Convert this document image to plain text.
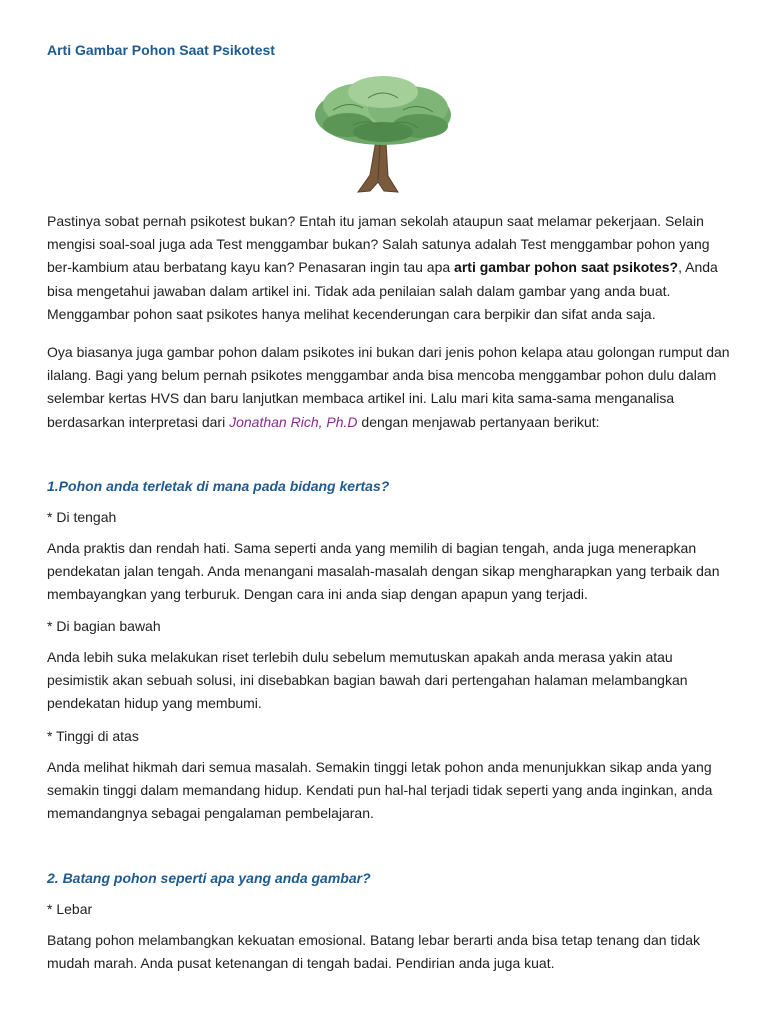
Arti Gambar Pohon Saat Psikotest
Pastinya sobat pernah psikotest bukan? Entah itu jaman sekolah ataupun saat melamar pekerjaan. Selain mengisi soal-soal juga ada Test menggambar bukan? Salah satunya adalah Test menggambar pohon yang ber-kambium atau berbatang kayu kan? Penasaran ingin tau apa arti gambar pohon saat psikotes?, Anda bisa mengetahui jawaban dalam artikel ini. Tidak ada penilaian salah dalam gambar yang anda buat. Menggambar pohon saat psikotes hanya melihat kecenderungan cara berpikir dan sifat anda saja.
Oya biasanya juga gambar pohon dalam psikotes ini bukan dari jenis pohon kelapa atau golongan rumput dan ilalang. Bagi yang belum pernah psikotes menggambar anda bisa mencoba menggambar pohon dulu dalam selembar kertas HVS dan baru lanjutkan membaca artikel ini. Lalu mari kita sama-sama menganalisa berdasarkan interpretasi dari Jonathan Rich, Ph.D dengan menjawab pertanyaan berikut:
1.Pohon anda terletak di mana pada bidang kertas?
* Di tengah
Anda praktis dan rendah hati. Sama seperti anda yang memilih di bagian tengah, anda juga menerapkan pendekatan jalan tengah. Anda menangani masalah-masalah dengan sikap mengharapkan yang terbaik dan membayangkan yang terburuk. Dengan cara ini anda siap dengan apapun yang terjadi.
* Di bagian bawah
Anda lebih suka melakukan riset terlebih dulu sebelum memutuskan apakah anda merasa yakin atau pesimistik akan sebuah solusi, ini disebabkan bagian bawah dari pertengahan halaman melambangkan pendekatan hidup yang membumi.
* Tinggi di atas
Anda melihat hikmah dari semua masalah. Semakin tinggi letak pohon anda menunjukkan sikap anda yang semakin tinggi dalam memandang hidup. Kendati pun hal-hal terjadi tidak seperti yang anda inginkan, anda memandangnya sebagai pengalaman pembelajaran.
2. Batang pohon seperti apa yang anda gambar?
* Lebar
Batang pohon melambangkan kekuatan emosional. Batang lebar berarti anda bisa tetap tenang dan tidak mudah marah. Anda pusat ketenangan di tengah badai. Pendirian anda juga kuat.
